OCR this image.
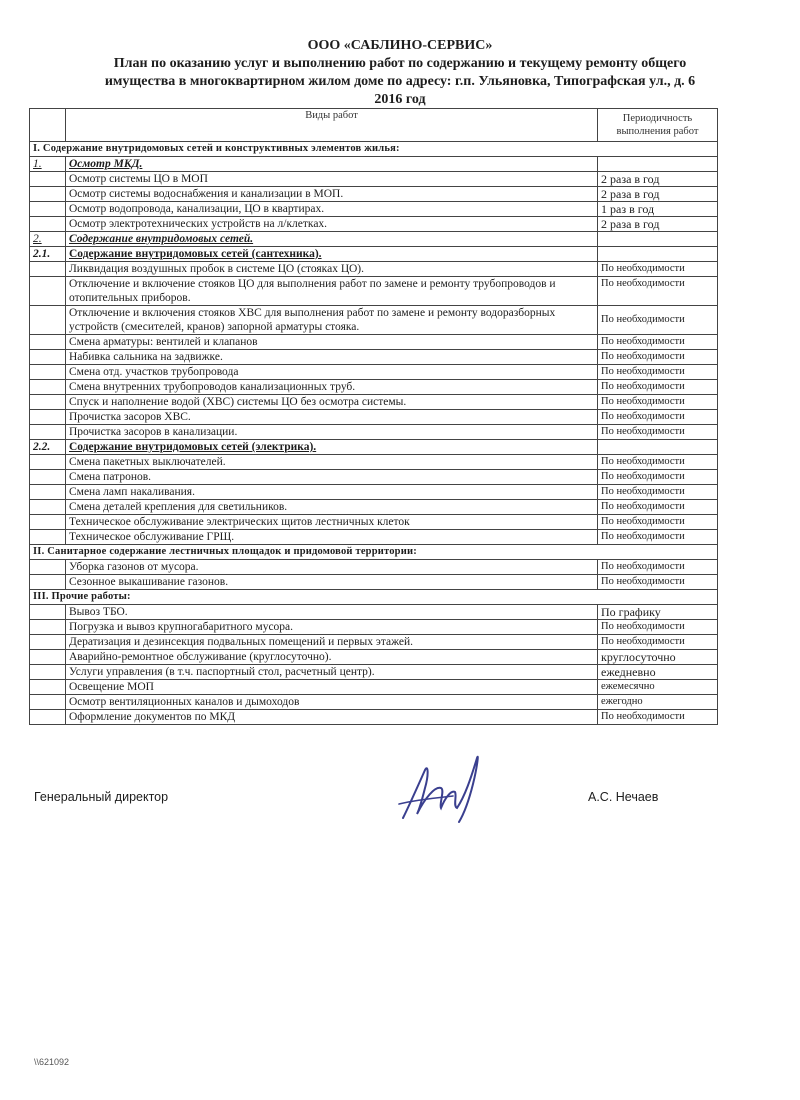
ООО «САБЛИНО-СЕРВИС»
План по оказанию услуг и выполнению работ по содержанию и текущему ремонту общего
имущества в многоквартирном жилом доме по адресу: г.п. Ульяновка, Типографская ул., д. 6
2016 год
	Виды работ	Периодичность
выполнения работ
I. Содержание внутридомовых сетей и конструктивных элементов жилья:		
1.	Осмотр МКД.	
	Осмотр системы ЦО в МОП	2 раза в год
	Осмотр системы водоснабжения и канализации в МОП.	2 раза в год
	Осмотр водопровода, канализации, ЦО в квартирах.	1 раз в год
	Осмотр электротехнических устройств на л/клетках.	2 раза в год
2.	Содержание внутридомовых сетей.	
2.1.	Содержание внутридомовых сетей (сантехника).	
	Ликвидация воздушных пробок в системе ЦО (стояках ЦО).	По необходимости
	Отключение и включение стояков ЦО для выполнения работ по замене и ремонту трубопроводов и отопительных приборов.	По необходимости
	Отключение и включения стояков ХВС для выполнения работ по замене и ремонту водоразборных устройств (смесителей, кранов) запорной арматуры стояка.	По необходимости
	Смена арматуры: вентилей и клапанов	По необходимости
	Набивка сальника на задвижке.	По необходимости
	Смена отд. участков трубопровода	По необходимости
	Смена внутренних трубопроводов канализационных труб.	По необходимости
	Спуск и наполнение водой (ХВС) системы ЦО без осмотра системы.	По необходимости
	Прочистка засоров ХВС.	По необходимости
	Прочистка засоров в канализации.	По необходимости
2.2.	Содержание внутридомовых сетей (электрика).	
	Смена пакетных выключателей.	По необходимости
	Смена патронов.	По необходимости
	Смена ламп накаливания.	По необходимости
	Смена деталей крепления для светильников.	По необходимости
	Техническое обслуживание электрических щитов лестничных клеток	По необходимости
	Техническое обслуживание ГРЩ.	По необходимости
II. Санитарное содержание лестничных площадок и придомовой территории:		
	Уборка газонов от мусора.	По необходимости
	Сезонное выкашивание газонов.	По необходимости
III. Прочие работы:		
	Вывоз ТБО.	По графику
	Погрузка и вывоз крупногабаритного мусора.	По необходимости
	Дератизация и дезинсекция подвальных помещений и первых этажей.	По необходимости
	Аварийно-ремонтное обслуживание (круглосуточно).	круглосуточно
	Услуги управления (в т.ч. паспортный стол, расчетный центр).	ежедневно
	Освещение МОП	ежемесячно
	Осмотр вентиляционных каналов и дымоходов	ежегодно
	Оформление документов по МКД	По необходимости
Генеральный директор	А.С. Нечаев
\\621092
